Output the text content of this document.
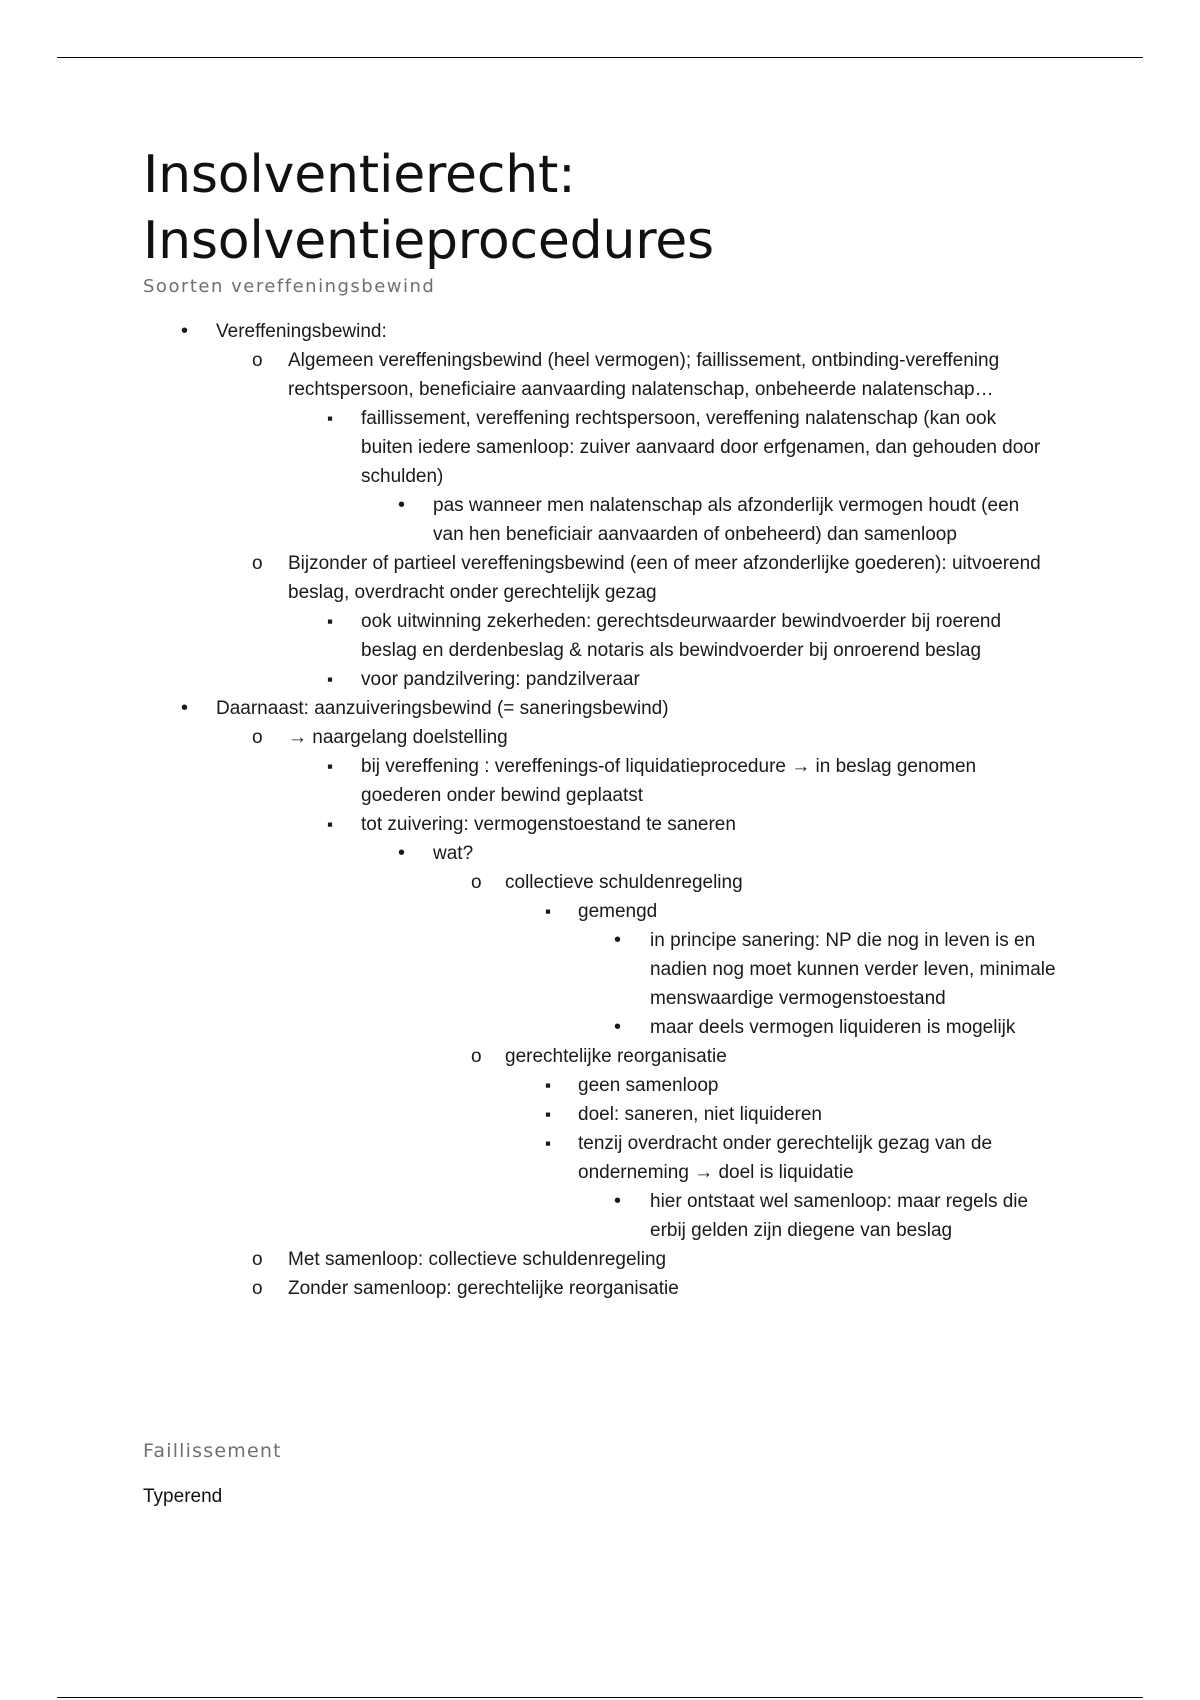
Insolventierecht:
Insolventieprocedures
Soorten vereffeningsbewind
•
Vereffeningsbewind:
o
Algemeen vereffeningsbewind (heel vermogen); faillissement, ontbinding-vereffening rechtspersoon, beneficiaire aanvaarding nalatenschap, onbeheerde nalatenschap…
▪
faillissement, vereffening rechtspersoon, vereffening nalatenschap (kan ook buiten iedere samenloop: zuiver aanvaard door erfgenamen, dan gehouden door schulden)
•
pas wanneer men nalatenschap als afzonderlijk vermogen houdt (een van hen beneficiair aanvaarden of onbeheerd) dan samenloop
o
Bijzonder of partieel vereffeningsbewind (een of meer afzonderlijke goederen): uitvoerend beslag, overdracht onder gerechtelijk gezag
▪
ook uitwinning zekerheden: gerechtsdeurwaarder bewindvoerder bij roerend beslag en derdenbeslag & notaris als bewindvoerder bij onroerend beslag
▪
voor pandzilvering: pandzilveraar
•
Daarnaast: aanzuiveringsbewind (= saneringsbewind)
o
→ naargelang doelstelling
▪
bij vereffening : vereffenings-of liquidatieprocedure → in beslag genomen goederen onder bewind geplaatst
▪
tot zuivering: vermogenstoestand te saneren
•
wat?
o
collectieve schuldenregeling
▪
gemengd
•
in principe sanering: NP die nog in leven is en nadien nog moet kunnen verder leven, minimale menswaardige vermogenstoestand
•
maar deels vermogen liquideren is mogelijk
o
gerechtelijke reorganisatie
▪
geen samenloop
▪
doel: saneren, niet liquideren
▪
tenzij overdracht onder gerechtelijk gezag van de onderneming → doel is liquidatie
•
hier ontstaat wel samenloop: maar regels die erbij gelden zijn diegene van beslag
o
Met samenloop: collectieve schuldenregeling
o
Zonder samenloop: gerechtelijke reorganisatie
Faillissement
Typerend
